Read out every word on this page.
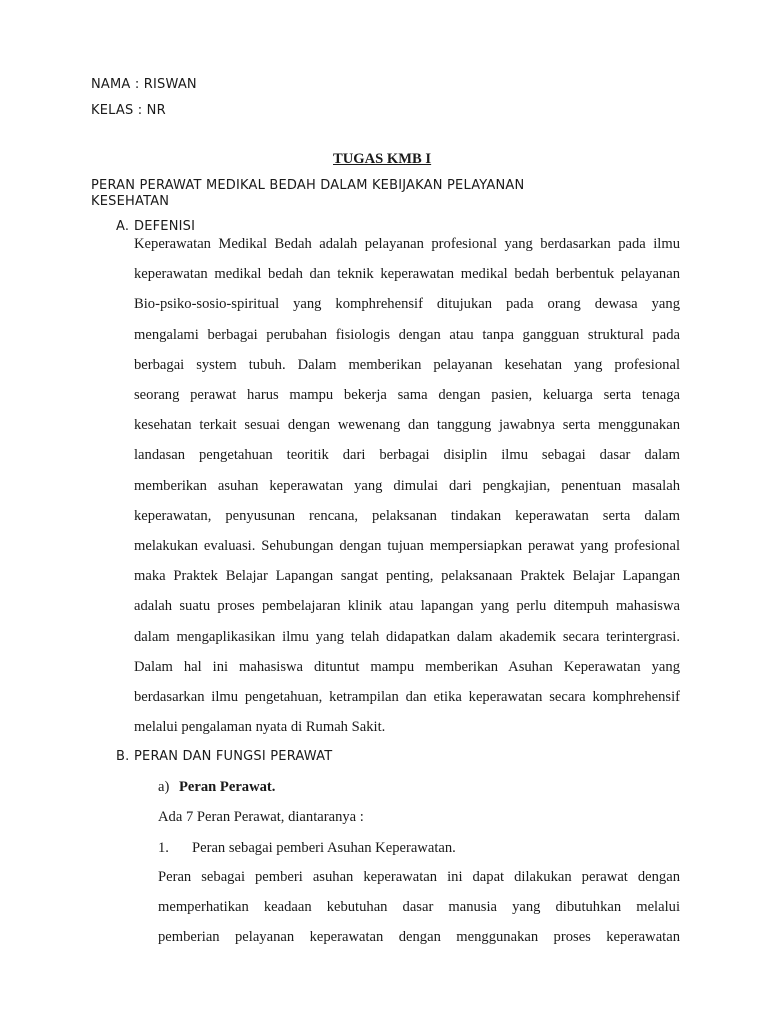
NAMA : RISWAN
KELAS : NR
TUGAS KMB I
PERAN PERAWAT MEDIKAL BEDAH DALAM KEBIJAKAN PELAYANAN
KESEHATAN
A. DEFENISI

Keperawatan Medikal Bedah adalah pelayanan profesional yang berdasarkan pada ilmu

keperawatan medikal bedah dan teknik keperawatan medikal bedah berbentuk pelayanan

Bio-psiko-sosio-spiritual yang komphrehensif ditujukan pada orang dewasa yang

mengalami berbagai perubahan fisiologis dengan atau tanpa gangguan struktural pada

berbagai system tubuh. Dalam memberikan pelayanan kesehatan yang profesional

seorang perawat harus mampu bekerja sama dengan pasien, keluarga serta tenaga

kesehatan terkait sesuai dengan wewenang dan tanggung jawabnya serta menggunakan

landasan pengetahuan teoritik dari berbagai disiplin ilmu sebagai dasar dalam

memberikan asuhan keperawatan yang dimulai dari pengkajian, penentuan masalah

keperawatan, penyusunan rencana, pelaksanan tindakan keperawatan serta dalam

melakukan evaluasi. Sehubungan dengan tujuan mempersiapkan perawat yang profesional

maka Praktek Belajar Lapangan sangat penting, pelaksanaan Praktek Belajar Lapangan

adalah suatu proses pembelajaran klinik atau lapangan yang perlu ditempuh mahasiswa

dalam mengaplikasikan ilmu yang telah didapatkan dalam akademik secara terintergrasi.

Dalam hal ini mahasiswa dituntut mampu memberikan Asuhan Keperawatan yang

berdasarkan ilmu pengetahuan, ketrampilan dan etika keperawatan secara komphrehensif

melalui pengalaman nyata di Rumah Sakit.

B. PERAN DAN FUNGSI PERAWAT
a) Peran Perawat.
Ada 7 Peran Perawat, diantaranya :
1. Peran sebagai pemberi Asuhan Keperawatan.

Peran sebagai pemberi asuhan keperawatan ini dapat dilakukan perawat dengan

memperhatikan keadaan kebutuhan dasar manusia yang dibutuhkan melalui

pemberian pelayanan keperawatan dengan menggunakan proses keperawatan
